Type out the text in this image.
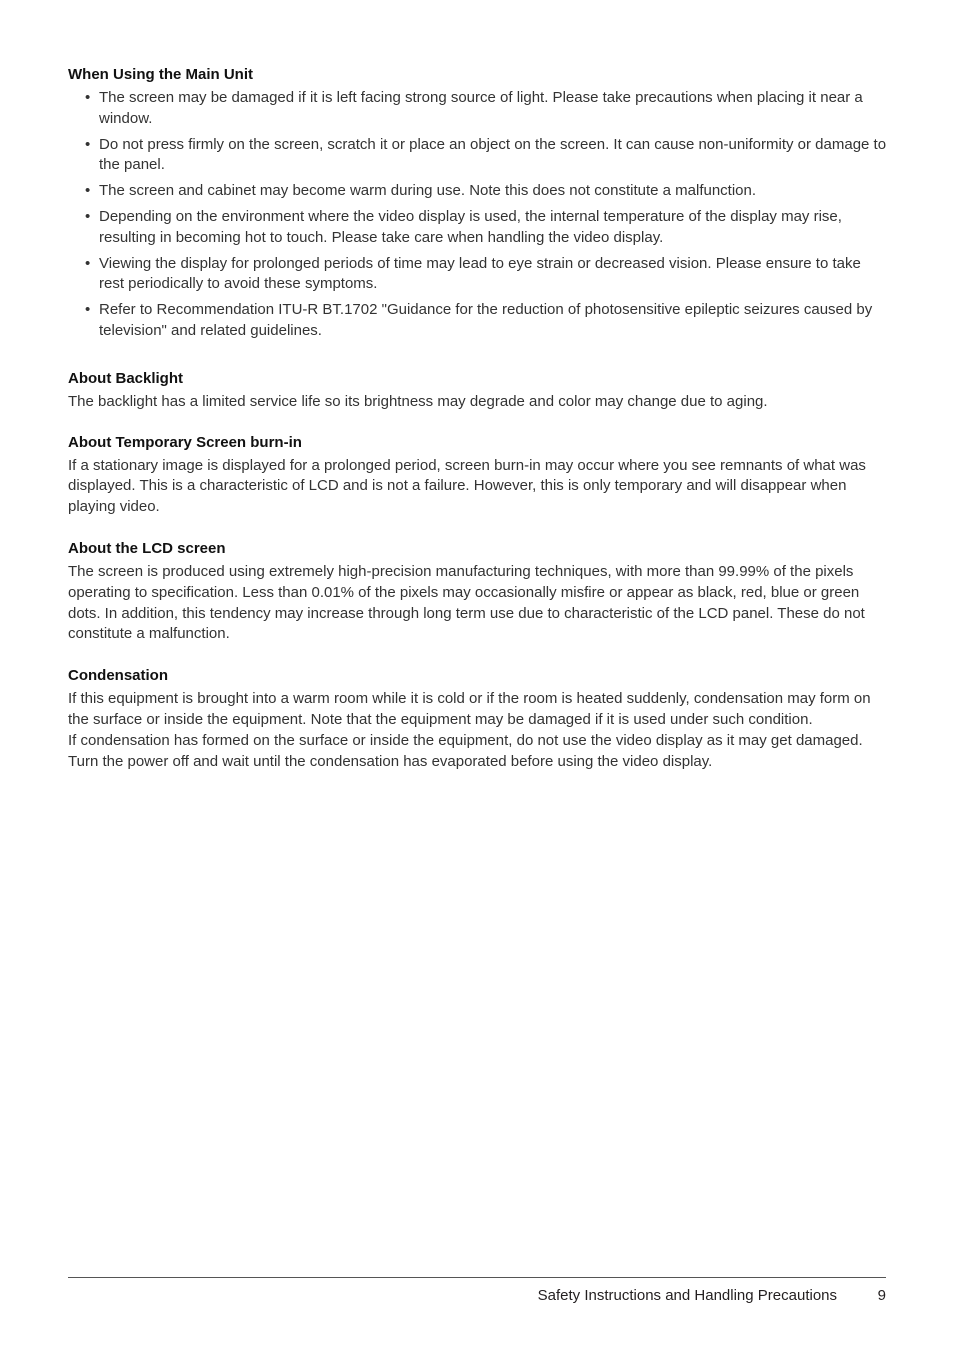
When Using the Main Unit
• The screen may be damaged if it is left facing strong source of light. Please take precautions when placing it near a window.
• Do not press firmly on the screen, scratch it or place an object on the screen. It can cause non-uniformity or damage to the panel.
• The screen and cabinet may become warm during use. Note this does not constitute a malfunction.
• Depending on the environment where the video display is used, the internal temperature of the display may rise, resulting in becoming hot to touch. Please take care when handling the video display.
• Viewing the display for prolonged periods of time may lead to eye strain or decreased vision. Please ensure to take rest periodically to avoid these symptoms.
• Refer to Recommendation ITU-R BT.1702 "Guidance for the reduction of photosensitive epileptic seizures caused by television" and related guidelines.
About Backlight

The backlight has a limited service life so its brightness may degrade and color may change due to aging.

About Temporary Screen burn-in

If a stationary image is displayed for a prolonged period, screen burn-in may occur where you see remnants of what was displayed. This is a characteristic of LCD and is not a failure. However, this is only temporary and will disappear when playing video.

About the LCD screen

The screen is produced using extremely high-precision manufacturing techniques, with more than 99.99% of the pixels operating to specification. Less than 0.01% of the pixels may occasionally misfire or appear as black, red, blue or green dots. In addition, this tendency may increase through long term use due to characteristic of the LCD panel. These do not constitute a malfunction.

Condensation

If this equipment is brought into a warm room while it is cold or if the room is heated suddenly, condensation may form on the surface or inside the equipment. Note that the equipment may be damaged if it is used under such condition.

If condensation has formed on the surface or inside the equipment, do not use the video display as it may get damaged. Turn the power off and wait until the condensation has evaporated before using the video display.

Safety Instructions and Handling Precautions	9
